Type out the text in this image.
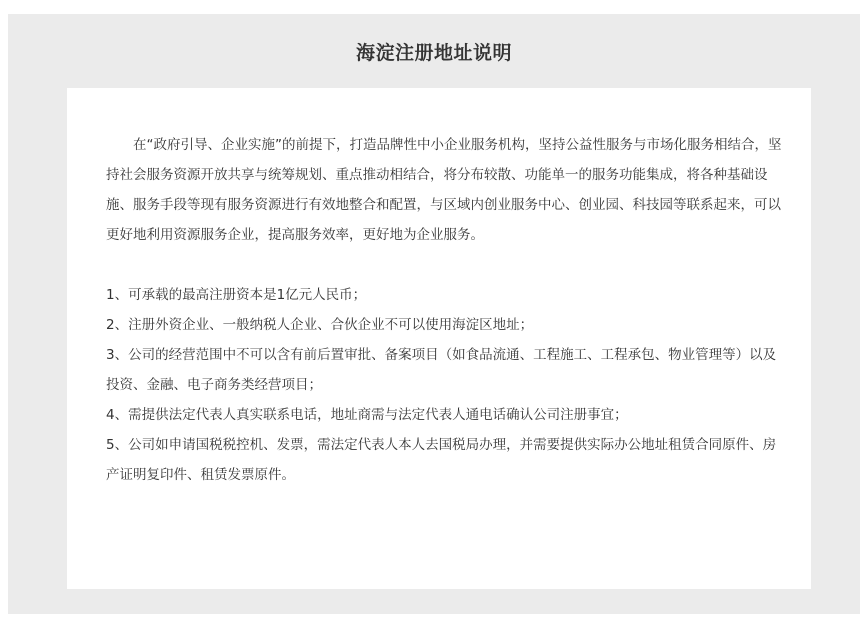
海淀注册地址说明

在“政府引导、企业实施”的前提下，打造品牌性中小企业服务机构，坚持公益性服务与市场化服务相结合，坚持社会服务资源开放共享与统筹规划、重点推动相结合，将分布较散、功能单一的服务功能集成，将各种基础设施、服务手段等现有服务资源进行有效地整合和配置，与区域内创业服务中心、创业园、科技园等联系起来，可以更好地利用资源服务企业，提高服务效率，更好地为企业服务。

1、可承载的最高注册资本是1亿元人民币；
2、注册外资企业、一般纳税人企业、合伙企业不可以使用海淀区地址；
3、公司的经营范围中不可以含有前后置审批、备案项目（如食品流通、工程施工、工程承包、物业管理等）以及投资、金融、电子商务类经营项目；
4、需提供法定代表人真实联系电话，地址商需与法定代表人通电话确认公司注册事宜；
5、公司如申请国税税控机、发票，需法定代表人本人去国税局办理，并需要提供实际办公地址租赁合同原件、房产证明复印件、租赁发票原件。
